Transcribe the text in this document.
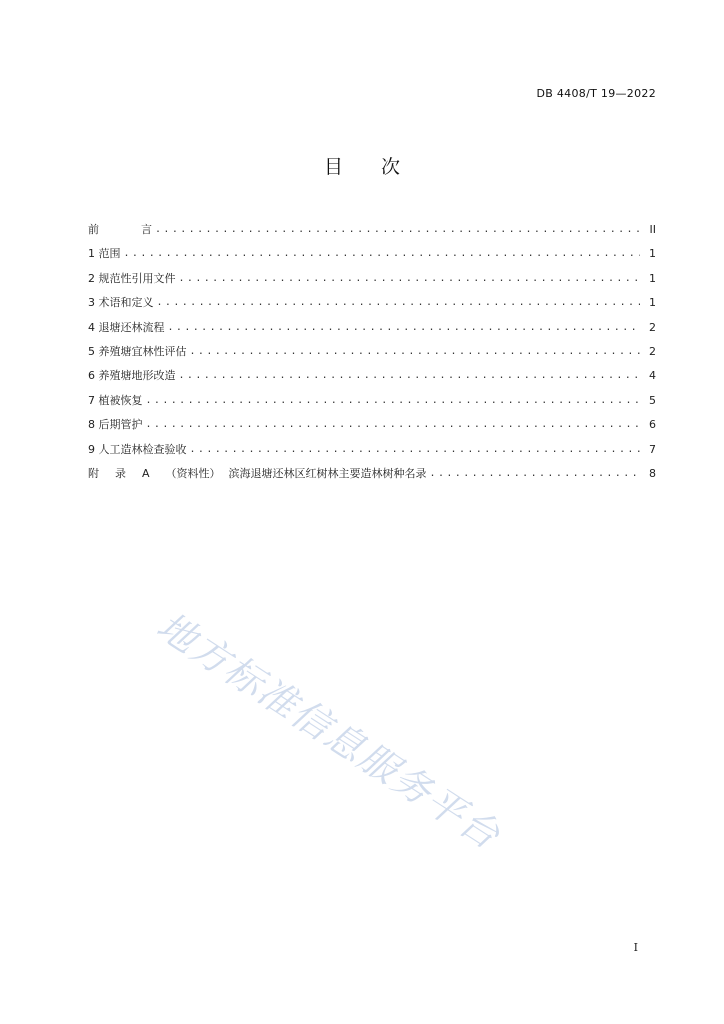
DB 4408/T 19—2022
目 次
前	言 .....	II
1 范围 .....	1
2 规范性引用文件 .....	1
3 术语和定义 .....	1
4 退塘还林流程 .....	2
5 养殖塘宜林性评估 .....	2
6 养殖塘地形改造 .....	4
7 植被恢复 .....	5
8 后期管护 .....	6
9 人工造林检查验收 .....	7
附 录 A （资料性） 滨海退塘还林区红树林主要造林树种名录 .....	8
地方标准信息服务平台
I
